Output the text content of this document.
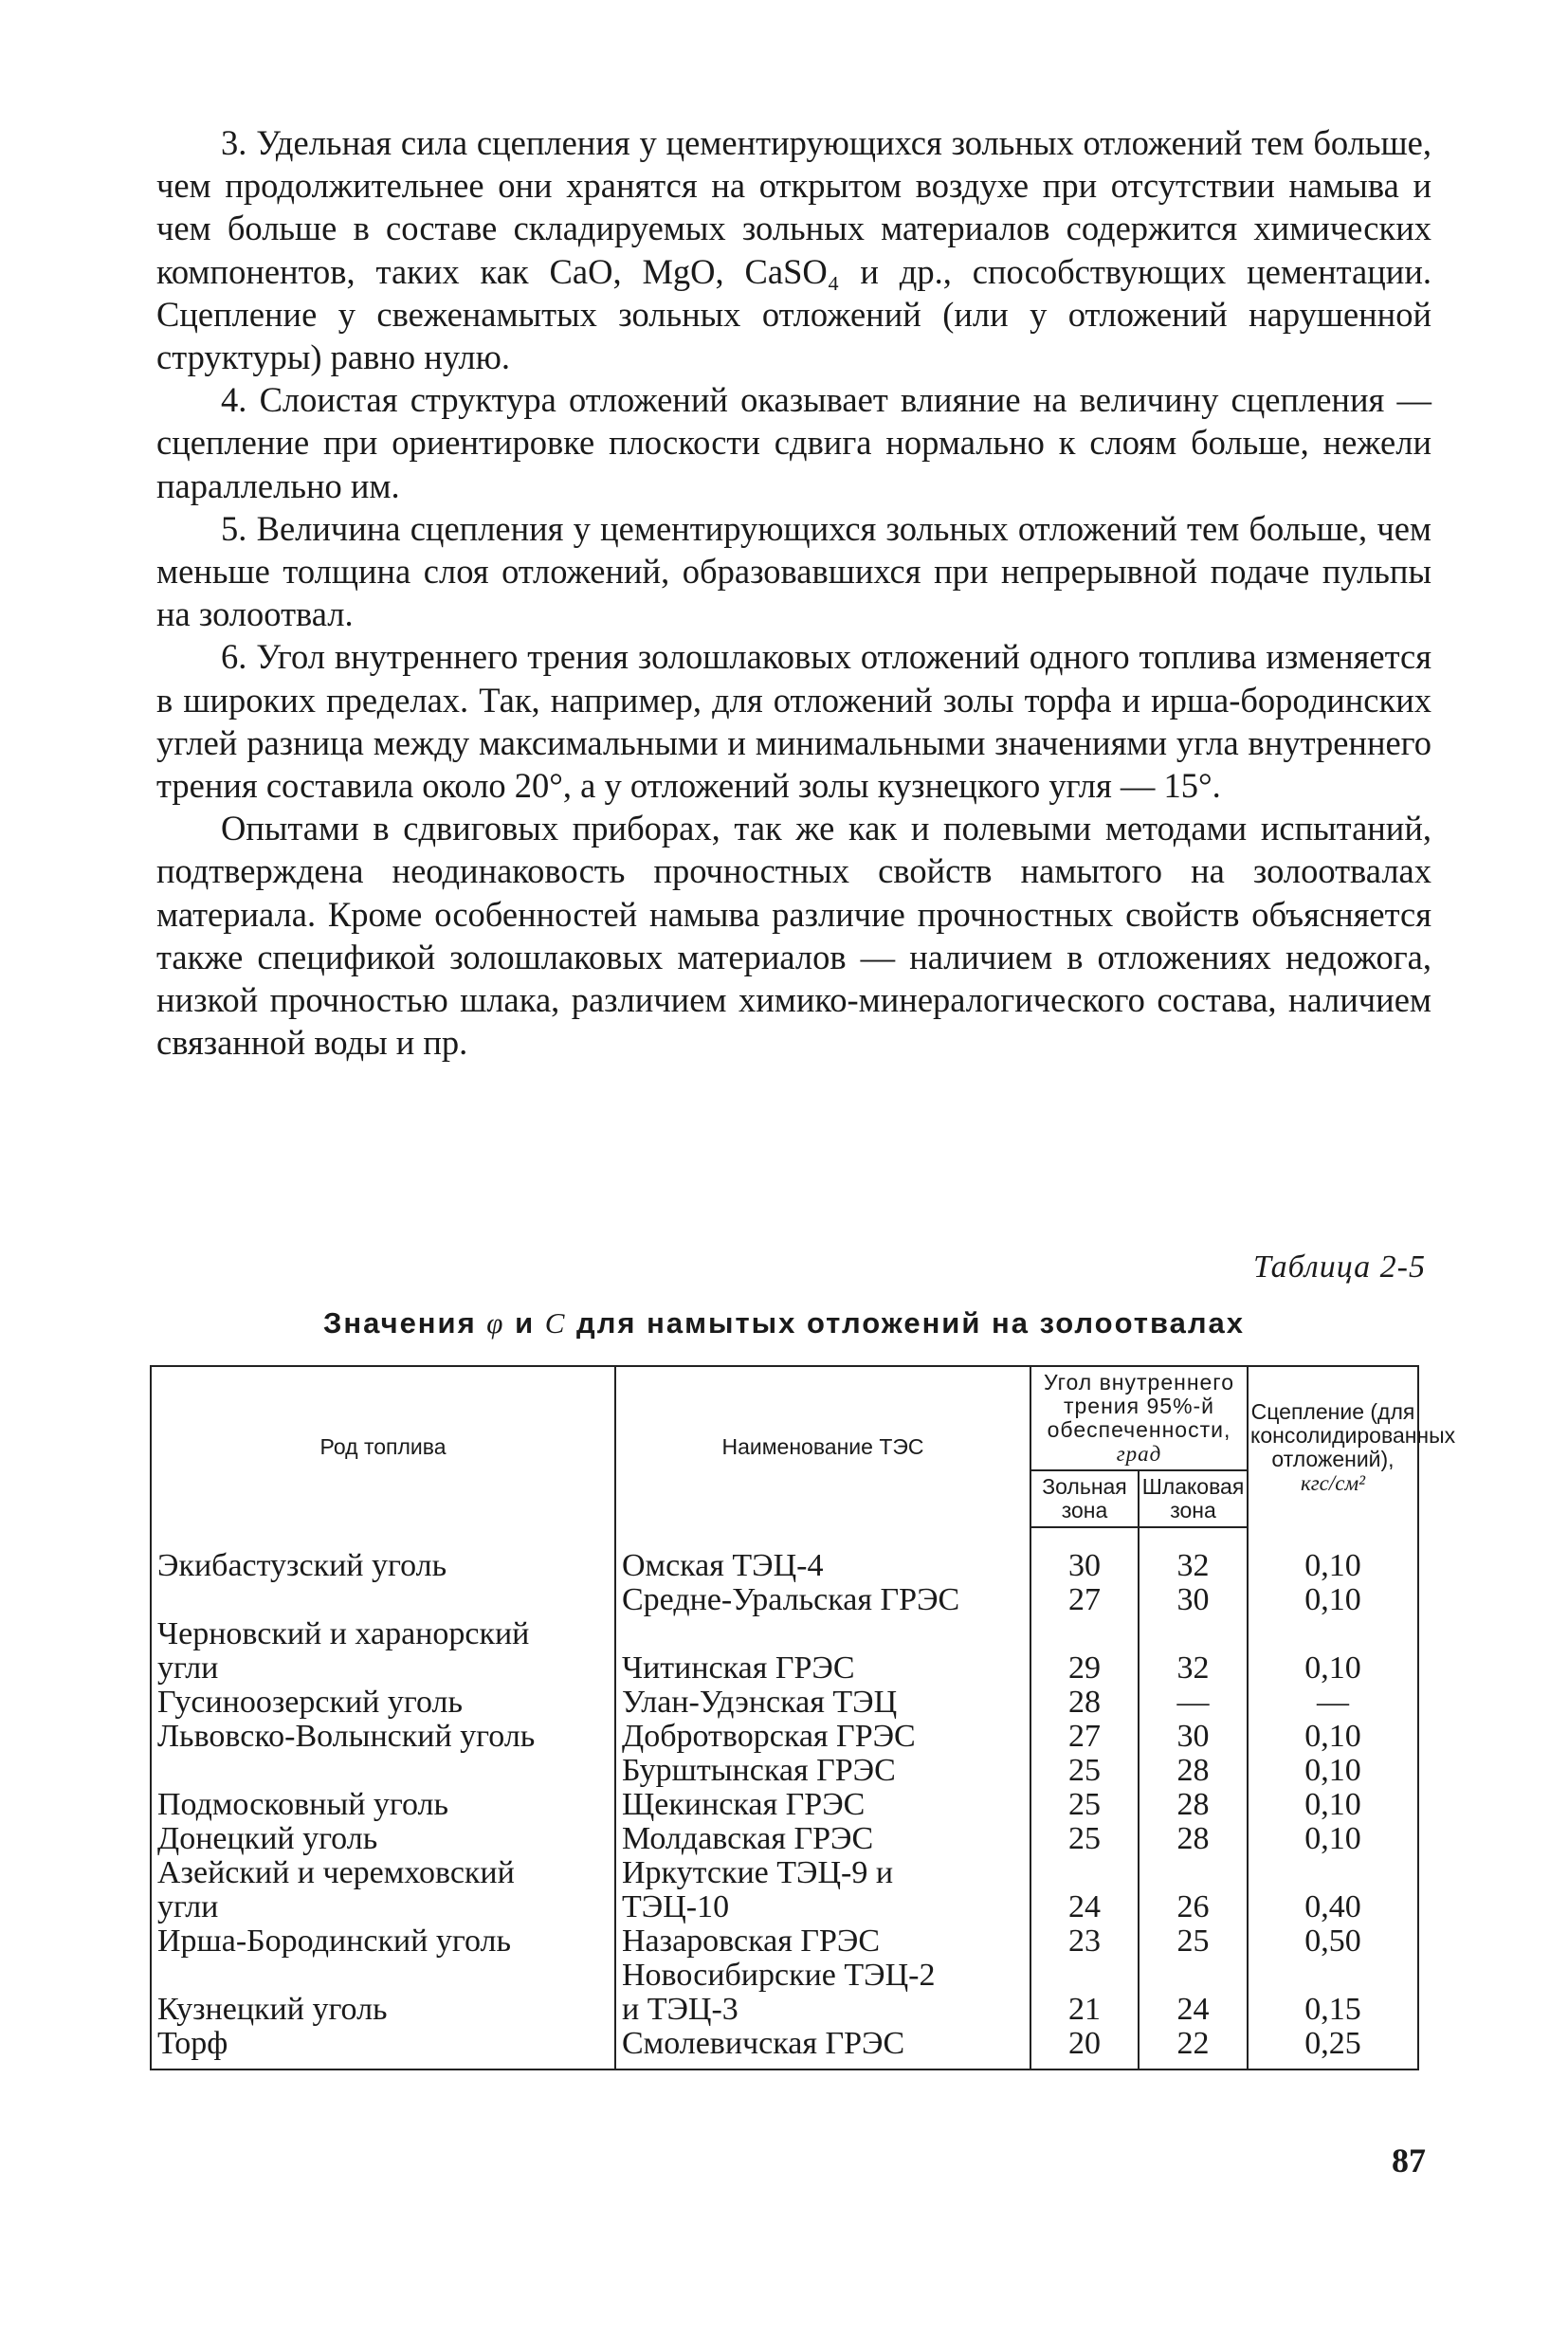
3. Удельная сила сцепления у цементирующихся зольных отложений тем больше, чем продолжительнее они хранятся на открытом воздухе при отсутствии намыва и чем больше в составе складируемых зольных материалов содержится химических компонентов, таких как CaO, MgO, CaSO₄ и др., способствующих цементации. Сцепление у свеженамытых зольных отложений (или у отложений нарушенной структуры) равно нулю.

4. Слоистая структура отложений оказывает влияние на величину сцепления — сцепление при ориентировке плоскости сдвига нормально к слоям больше, нежели параллельно им.

5. Величина сцепления у цементирующихся зольных отложений тем больше, чем меньше толщина слоя отложений, образовавшихся при непрерывной подаче пульпы на золоотвал.

6. Угол внутреннего трения золошлаковых отложений одного топлива изменяется в широких пределах. Так, например, для отложений золы торфа и ирша-бородинских углей разница между максимальными и минимальными значениями угла внутреннего трения составила около 20°, а у отложений золы кузнецкого угля — 15°.

Опытами в сдвиговых приборах, так же как и полевыми методами испытаний, подтверждена неодинаковость прочностных свойств намытого на золоотвалах материала. Кроме особенностей намыва различие прочностных свойств объясняется также спецификой золошлаковых материалов — наличием в отложениях недожога, низкой прочностью шлака, различием химико-минералогического состава, наличием связанной воды и пр.

Таблица 2-5
Значения φ и C для намытых отложений на золоотвалах
Род топлива	Наименование ТЭС	Угол внутреннего трения 95%-й обеспеченности, град		Сцепление (для консолидированных отложений),
кгс/см²
		Зольная зона	Шлаковая зона	

Экибастузский уголь	Омская ТЭЦ-4	30	32	0,10
	Средне-Уральская ГРЭС	27	30	0,10
Черновский и харанорский
угли	Читинская ГРЭС	29	32	0,10
Гусиноозерский уголь	Улан-Удэнская ТЭЦ	28	—	—
Львовско-Волынский уголь	Добротворская ГРЭС	27	30	0,10
	Бурштынская ГРЭС	25	28	0,10
Подмосковный уголь	Щекинская ГРЭС	25	28	0,10
Донецкий уголь	Молдавская ГРЭС	25	28	0,10
Азейский и черемховский
угли	Иркутские ТЭЦ-9 и
ТЭЦ-10	24	26	0,40
Ирша-Бородинский уголь	Назаровская ГРЭС	23	25	0,50
Кузнецкий уголь	Новосибирские ТЭЦ-2
и ТЭЦ-3	21	24	0,15
Торф	Смолевичская ГРЭС	20	22	0,25
87
